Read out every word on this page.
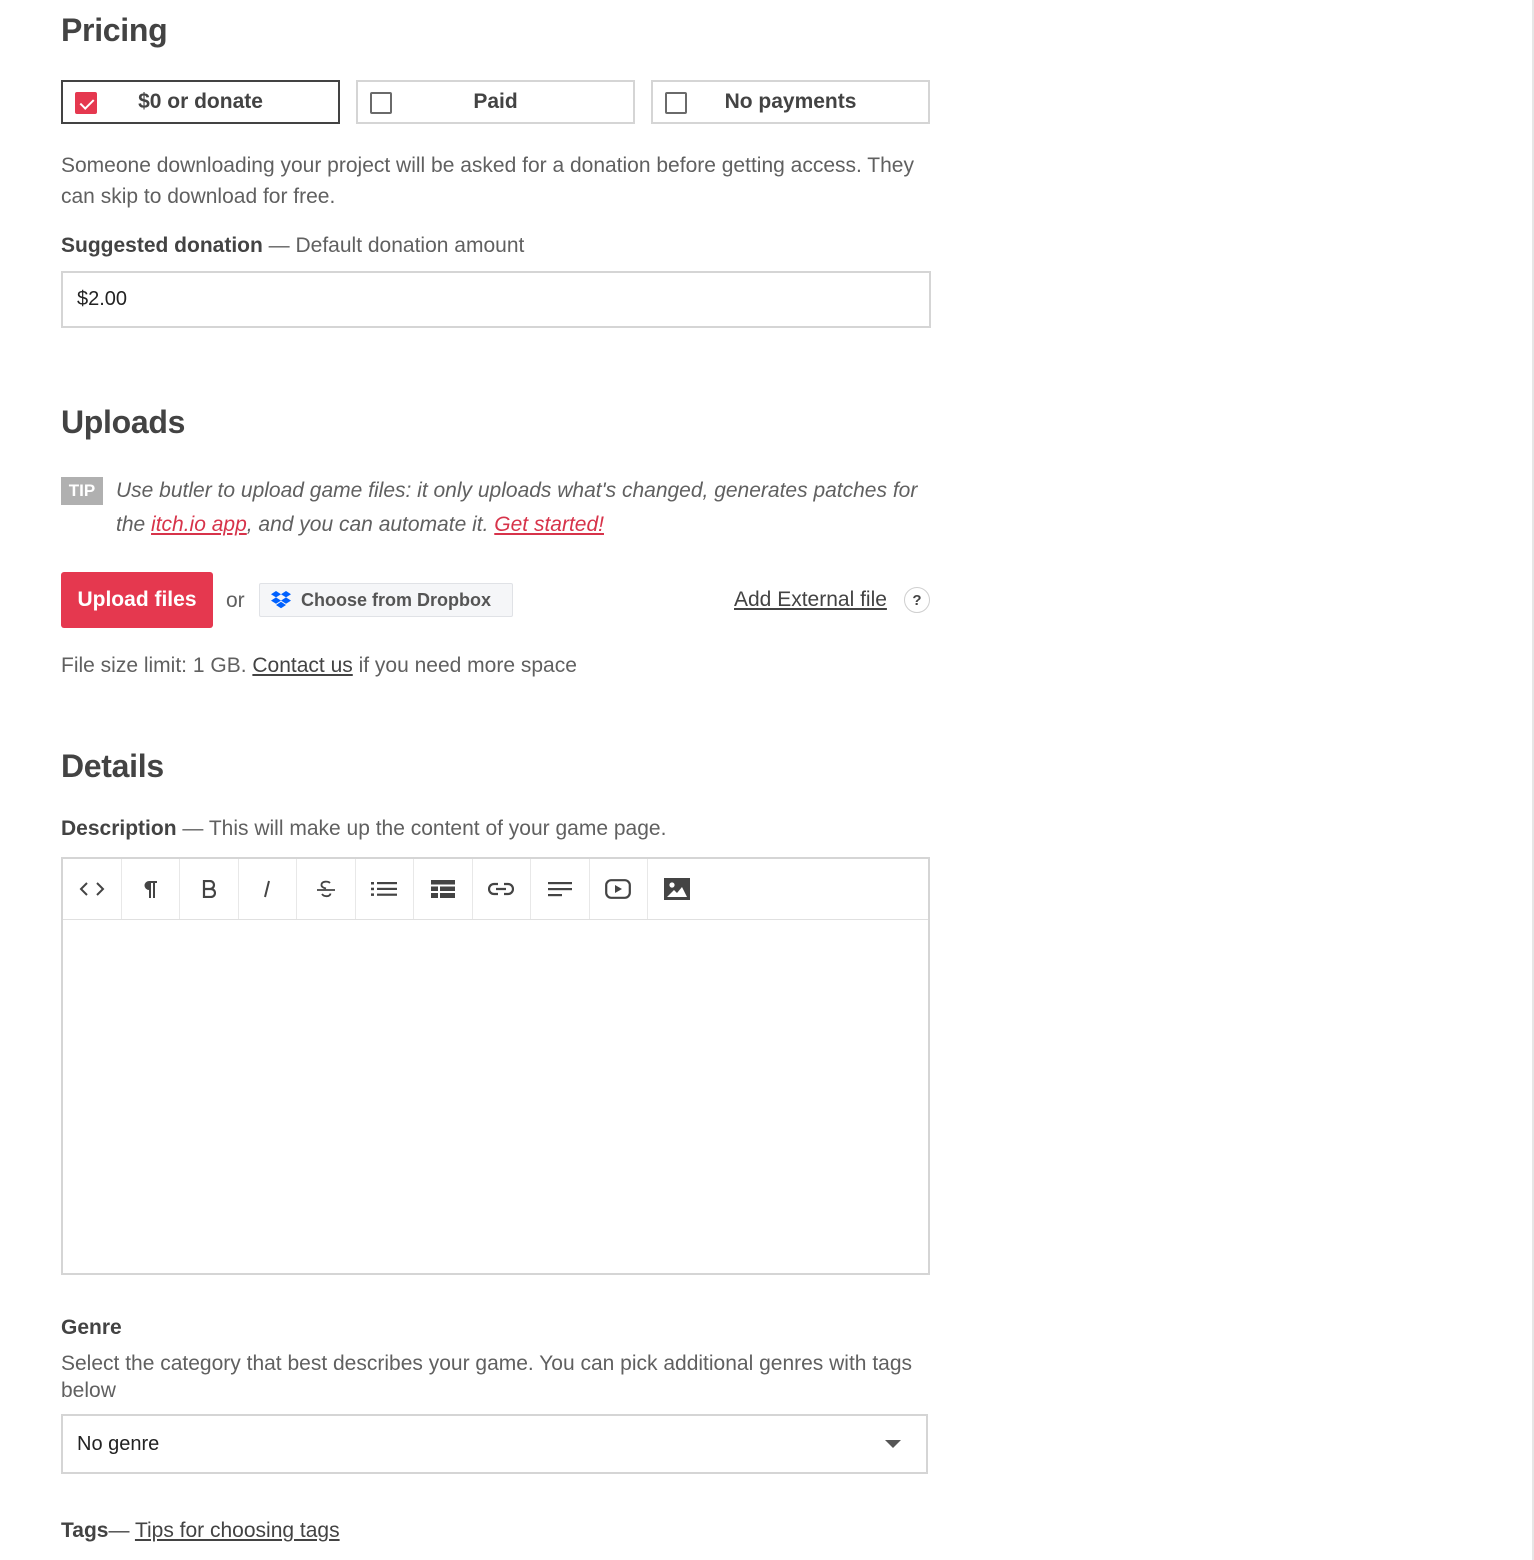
Pricing
$0 or donate	Paid	No payments

Someone downloading your project will be asked for a donation before getting access. They can skip to download for free.

Suggested donation — Default donation amount
$2.00
Uploads
TIP Use butler to upload game files: it only uploads what's changed, generates patches for the itch.io app, and you can automate it. Get started!

Upload files	or	Choose from Dropbox	Add External file	?

File size limit: 1 GB. Contact us if you need more space

Details
Description — This will make up the content of your game page.
Genre

Select the category that best describes your game. You can pick additional genres with tags below

No genre
Tags— Tips for choosing tags
